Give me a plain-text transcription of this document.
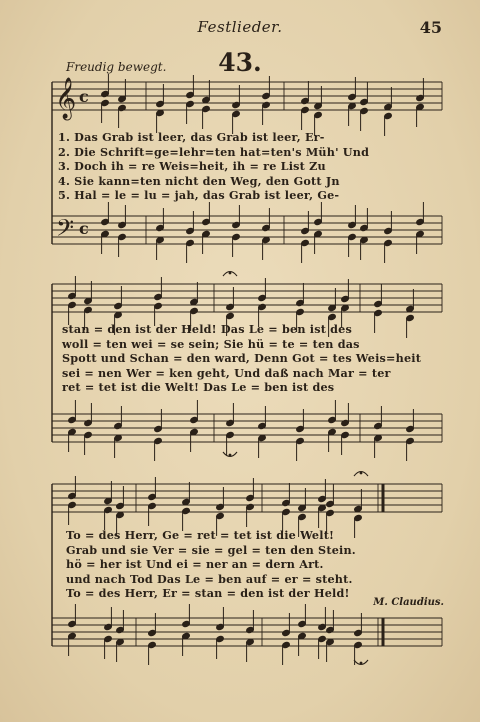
Festlieder.	45
Freudig bewegt.	43.
𝄞 c
𝄢 c
1. Das Grab ist leer, das Grab ist leer, Er-
2. Die Schrift=ge=lehr=ten hat=ten's Müh' Und
3. Doch ih = re Weis=heit, ih = re List Zu
4. Sie kann=ten nicht den Weg, den Gott Jn
5. Hal = le = lu = jah, das Grab ist leer, Ge-
stan = den ist der Held! Das Le = ben ist des
woll = ten wei = se sein; Sie hü = te = ten das
Spott und Schan = den ward, Denn Got = tes Weis=heit
sei = nen Wer = ken geht, Und daß nach Mar = ter
ret = tet ist die Welt! Das Le = ben ist des
To = des Herr, Ge = ret = tet ist die Welt!
Grab und sie Ver = sie = gel = ten den Stein.
hö = her ist Und ei = ner an = dern Art.
und nach Tod Das Le = ben auf = er = steht.
To = des Herr, Er = stan = den ist der Held!
M. Claudius.
